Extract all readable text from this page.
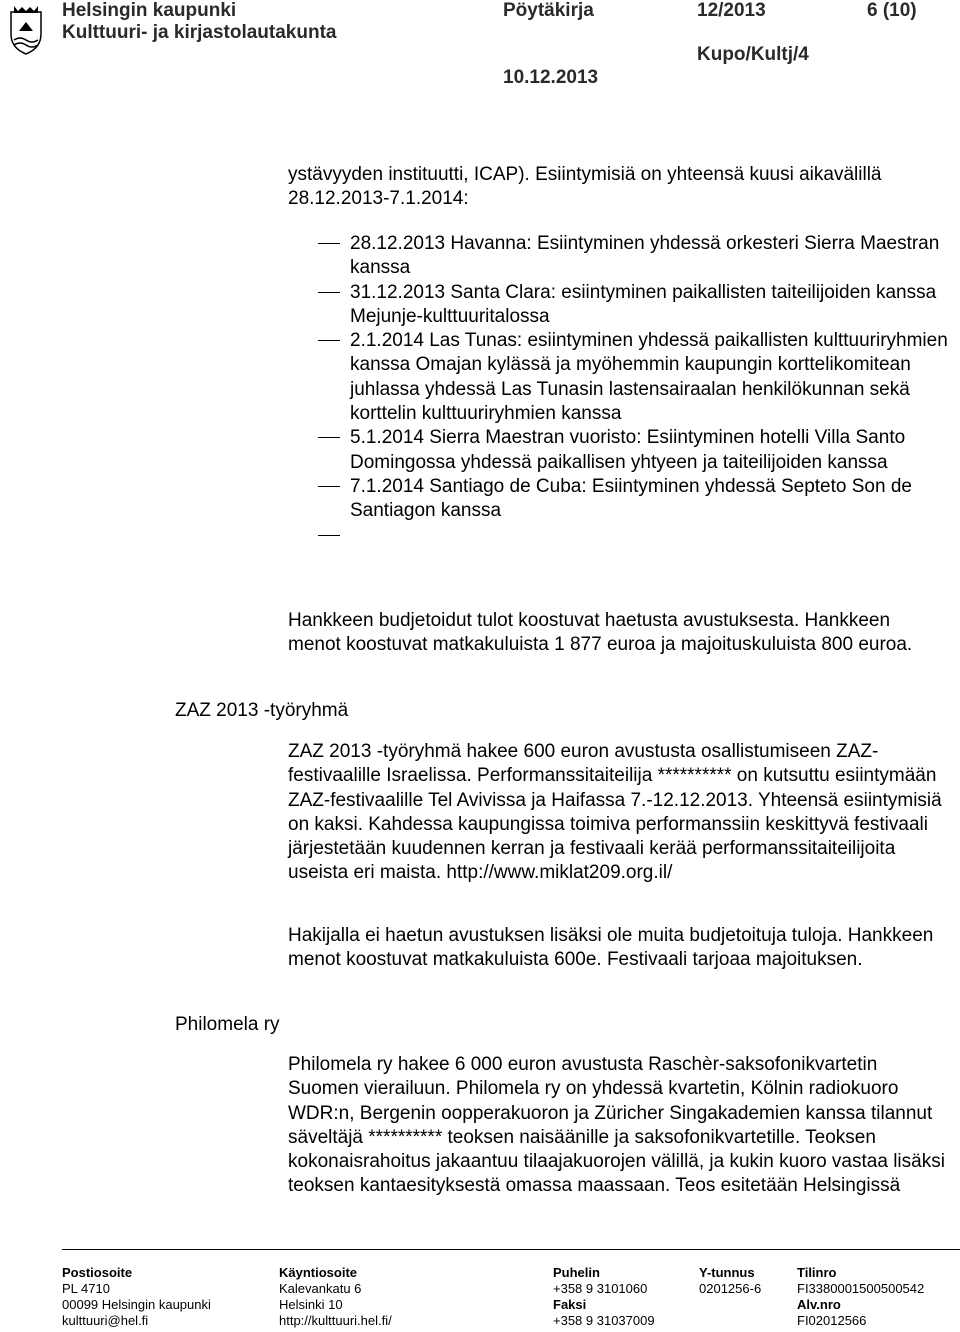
Helsingin kaupunki
Kulttuuri- ja kirjastolautakunta
Pöytäkirja	12/2013	6 (10)
10.12.2013
Kupo/Kultj/4
ystävyyden instituutti, ICAP). Esiintymisiä on yhteensä kuusi aikavälillä
28.12.2013-7.1.2014:
28.12.2013 Havanna: Esiintyminen yhdessä orkesteri Sierra Maestran kanssa
31.12.2013 Santa Clara: esiintyminen paikallisten taiteilijoiden kanssa Mejunje-kulttuuritalossa
2.1.2014 Las Tunas: esiintyminen yhdessä paikallisten kulttuuriryhmien kanssa Omajan kylässä ja myöhemmin kaupungin korttelikomitean juhlassa yhdessä Las Tunasin lastensairaalan henkilökunnan sekä korttelin kulttuuriryhmien kanssa
5.1.2014 Sierra Maestran vuoristo: Esiintyminen hotelli Villa Santo Domingossa yhdessä paikallisen yhtyeen ja taiteilijoiden kanssa
7.1.2014 Santiago de Cuba: Esiintyminen yhdessä Septeto Son de Santiagon kanssa

Hankkeen budjetoidut tulot koostuvat haetusta avustuksesta. Hankkeen menot koostuvat matkakuluista 1 877 euroa ja majoituskuluista 800 euroa.

ZAZ 2013 -työryhmä

ZAZ 2013 -työryhmä hakee 600 euron avustusta osallistumiseen ZAZ-festivaalille Israelissa. Performanssitaiteilija ********** on kutsuttu esiintymään ZAZ-festivaalille Tel Avivissa ja Haifassa 7.-12.12.2013. Yhteensä esiintymisiä on kaksi. Kahdessa kaupungissa toimiva performanssiin keskittyvä festivaali järjestetään kuudennen kerran ja festivaali kerää performanssitaiteilijoita useista eri maista. http://www.miklat209.org.il/

Hakijalla ei haetun avustuksen lisäksi ole muita budjetoituja tuloja. Hankkeen menot koostuvat matkakuluista 600e. Festivaali tarjoaa majoituksen.

Philomela ry

Philomela ry hakee 6 000 euron avustusta Raschèr-saksofonikvartetin Suomen vierailuun. Philomela ry on yhdessä kvartetin, Kölnin radiokuoro WDR:n, Bergenin oopperakuoron ja Züricher Singakademien kanssa tilannut säveltäjä ********** teoksen naisäänille ja saksofonikvartetille. Teoksen kokonaisrahoitus jakaantuu tilaajakuorojen välillä, ja kukin kuoro vastaa lisäksi teoksen kantaesityksestä omassa maassaan. Teos esitetään Helsingissä

Postiosoite
PL 4710
00099 Helsingin kaupunki
kulttuuri@hel.fi
Käyntiosoite
Kalevankatu 6
Helsinki 10
http://kulttuuri.hel.fi/
Puhelin
+358 9 3101060
Faksi
+358 9 31037009
Y-tunnus
0201256-6
Tilinro
FI3380001500500542
Alv.nro
FI02012566
